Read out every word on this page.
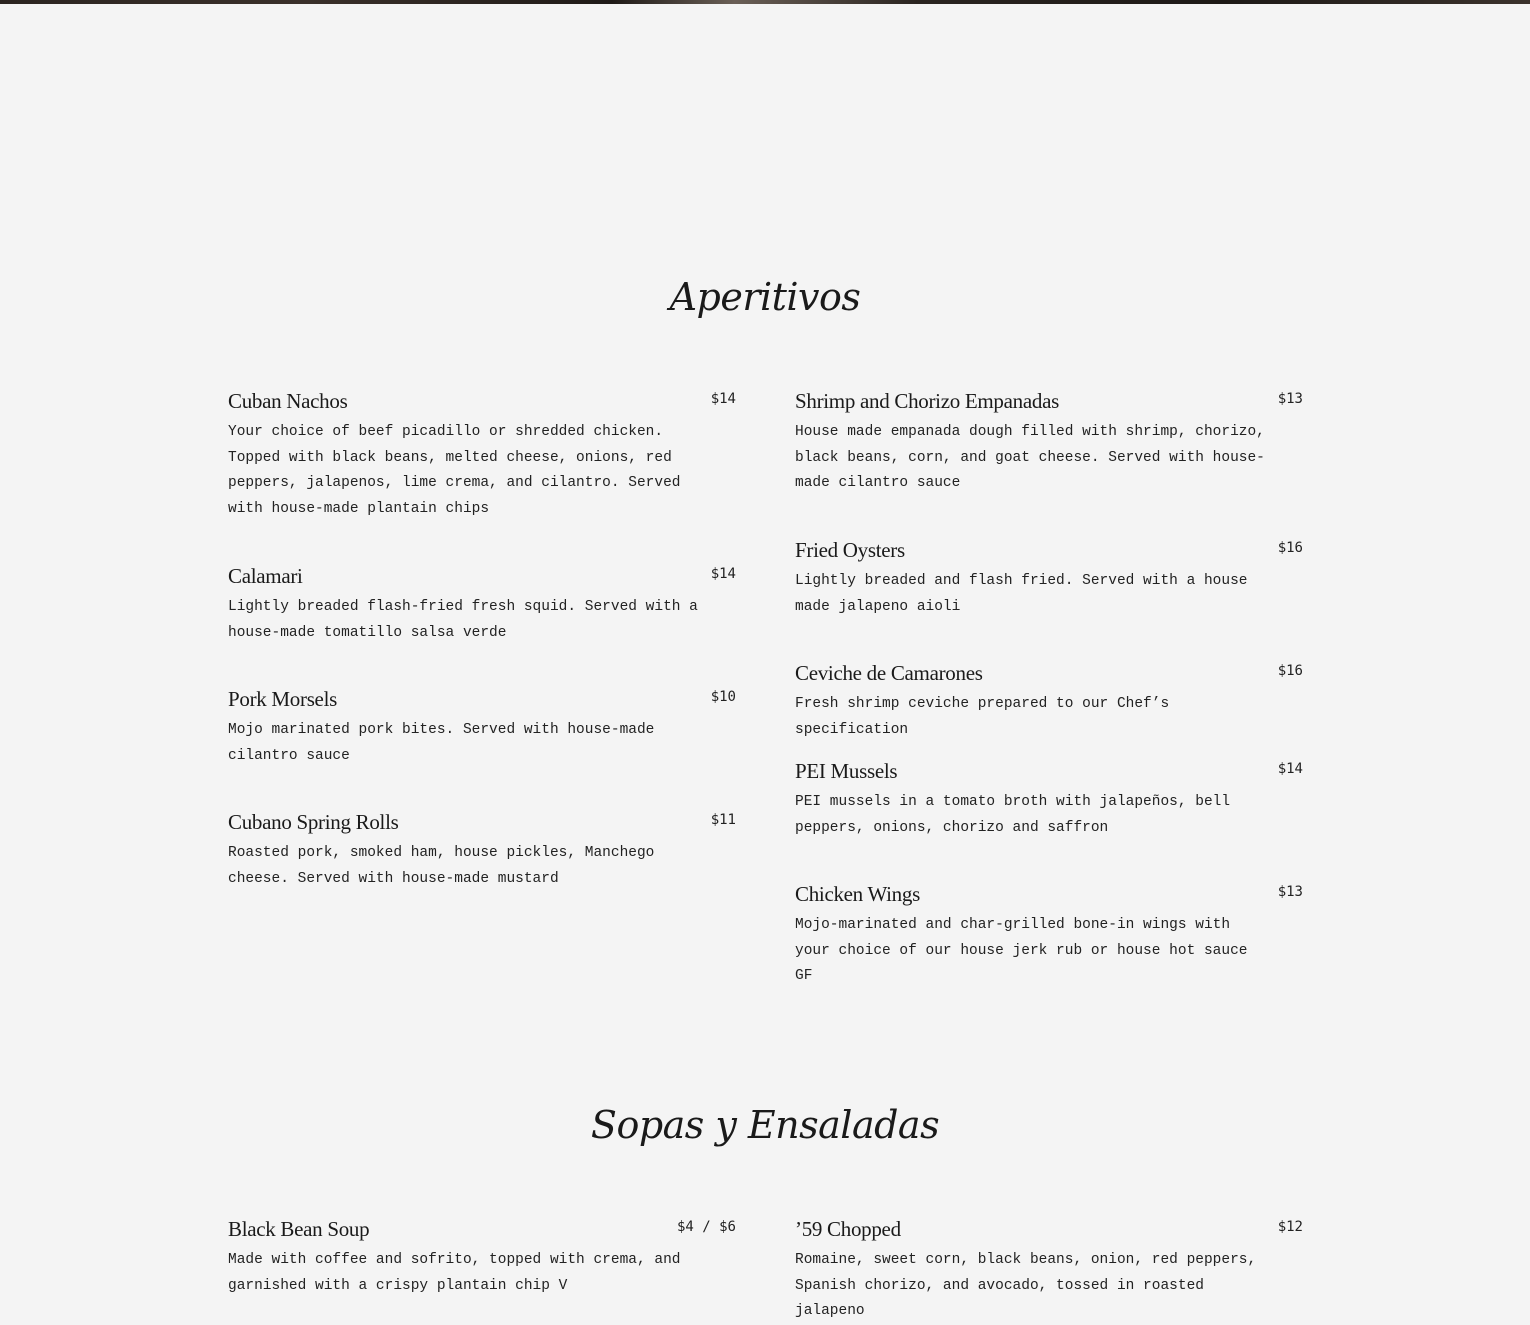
Aperitivos
Cuban Nachos	$14
Your choice of beef picadillo or shredded chicken. Topped with black beans, melted cheese, onions, red peppers, jalapenos, lime crema, and cilantro. Served with house-made plantain chips
Calamari	$14
Lightly breaded flash-fried fresh squid. Served with a house-made tomatillo salsa verde
Pork Morsels	$10
Mojo marinated pork bites. Served with house-made cilantro sauce
Cubano Spring Rolls	$11
Roasted pork, smoked ham, house pickles, Manchego cheese. Served with house-made mustard
Shrimp and Chorizo Empanadas	$13
House made empanada dough filled with shrimp, chorizo, black beans, corn, and goat cheese. Served with house-made cilantro sauce
Fried Oysters	$16
Lightly breaded and flash fried. Served with a house made jalapeno aioli
Ceviche de Camarones	$16
Fresh shrimp ceviche prepared to our Chef’s specification
PEI Mussels	$14
PEI mussels in a tomato broth with jalapeños, bell peppers, onions, chorizo and saffron
Chicken Wings	$13
Mojo-marinated and char-grilled bone-in wings with your choice of our house jerk rub or house hot sauce GF
Sopas y Ensaladas
Black Bean Soup	$4 / $6
Made with coffee and sofrito, topped with crema, and garnished with a crispy plantain chip V
’59 Chopped	$12
Romaine, sweet corn, black beans, onion, red peppers, Spanish chorizo, and avocado, tossed in roasted jalapeno
